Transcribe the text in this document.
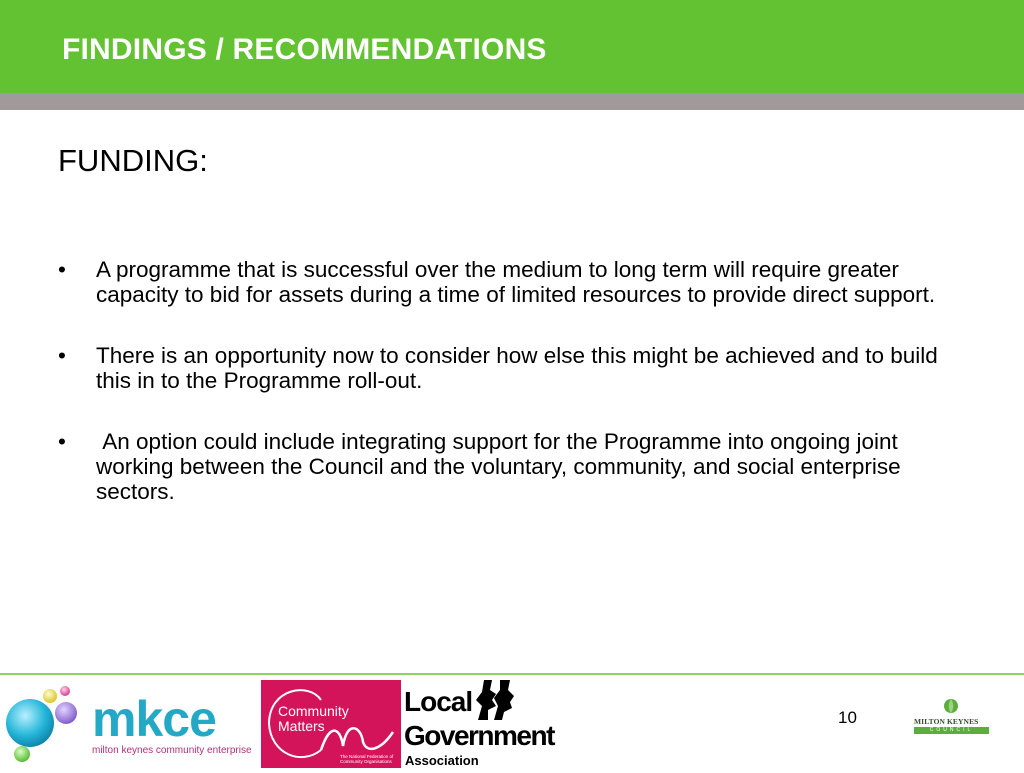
FINDINGS / RECOMMENDATIONS
FUNDING:
• A programme that is successful over the medium to long term will require greater capacity to bid for assets during a time of limited resources to provide direct support.
• There is an opportunity now to consider how else this might be achieved and to build this in to the Programme roll-out.
• An option could include integrating support for the Programme into ongoing joint working between the Council and the voluntary, community, and social enterprise sectors.
mkce
milton keynes community enterprise
Community Matters
The National Federation of Community Organisations
Local
Government
Association
10	MILTON KEYNES
COUNCIL
